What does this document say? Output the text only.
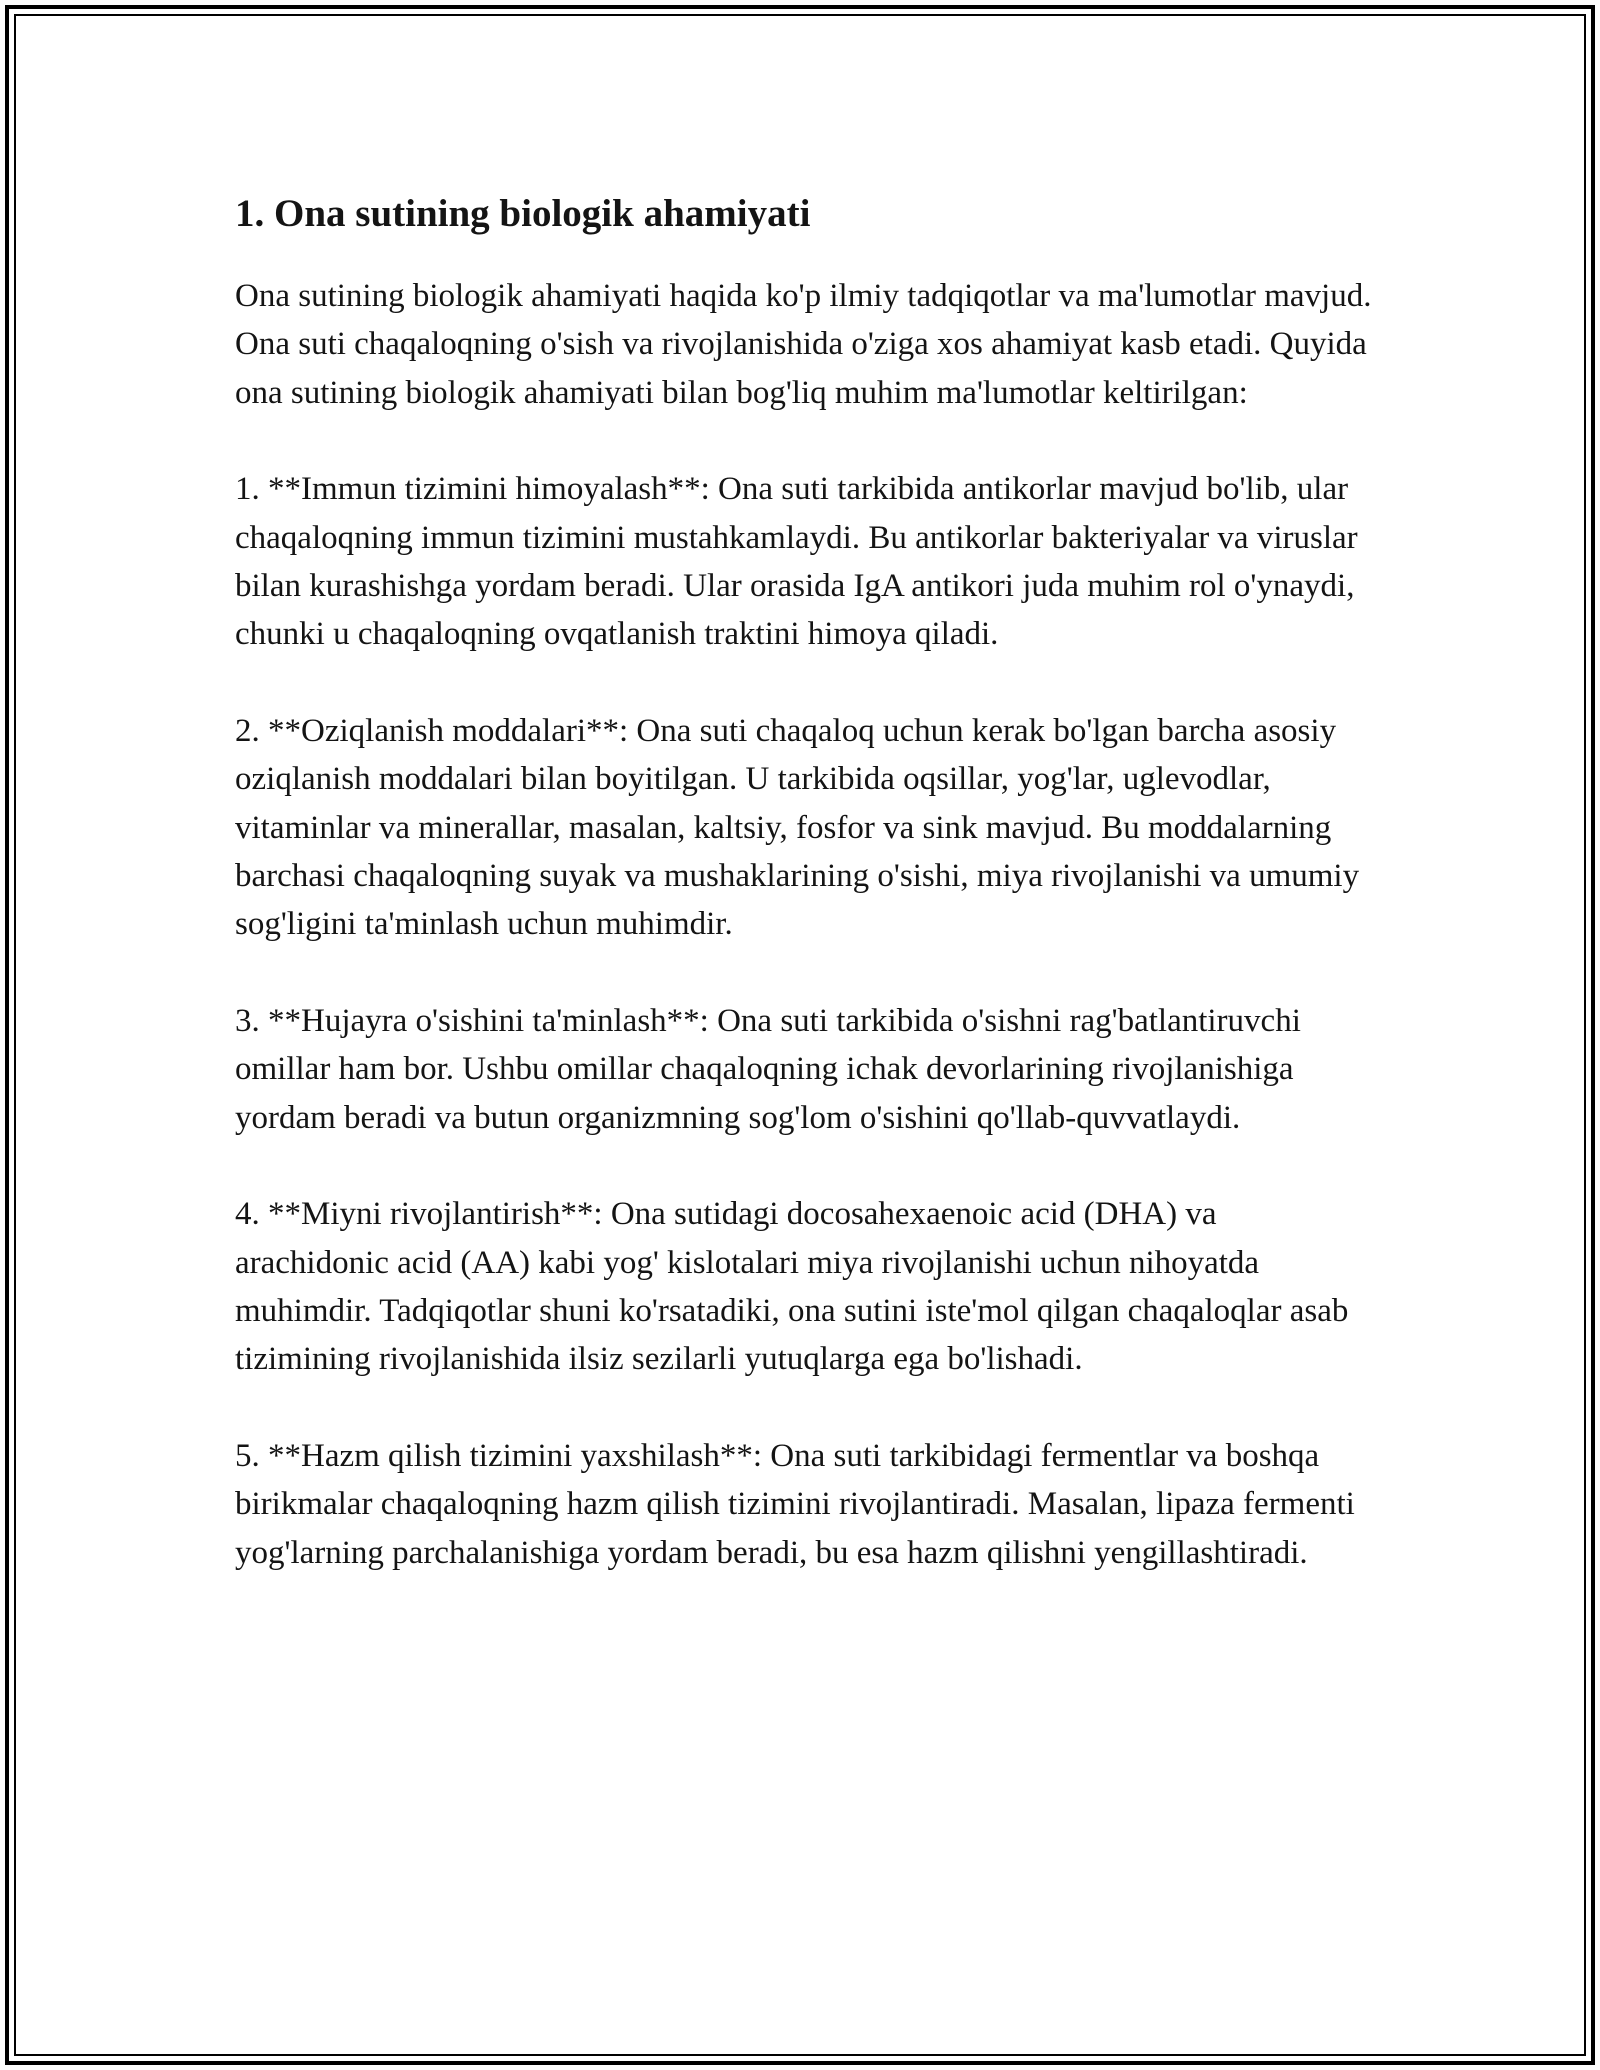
1. Ona sutining biologik ahamiyati

Ona sutining biologik ahamiyati haqida ko'p ilmiy tadqiqotlar va ma'lumotlar mavjud. Ona suti chaqaloqning o'sish va rivojlanishida o'ziga xos ahamiyat kasb etadi. Quyida ona sutining biologik ahamiyati bilan bog'liq muhim ma'lumotlar keltirilgan:

1. **Immun tizimini himoyalash**: Ona suti tarkibida antikorlar mavjud bo'lib, ular chaqaloqning immun tizimini mustahkamlaydi. Bu antikorlar bakteriyalar va viruslar bilan kurashishga yordam beradi. Ular orasida IgA antikori juda muhim rol o'ynaydi, chunki u chaqaloqning ovqatlanish traktini himoya qiladi.

2. **Oziqlanish moddalari**: Ona suti chaqaloq uchun kerak bo'lgan barcha asosiy oziqlanish moddalari bilan boyitilgan. U tarkibida oqsillar, yog'lar, uglevodlar, vitaminlar va minerallar, masalan, kaltsiy, fosfor va sink mavjud. Bu moddalarning barchasi chaqaloqning suyak va mushaklarining o'sishi, miya rivojlanishi va umumiy sog'ligini ta'minlash uchun muhimdir.

3. **Hujayra o'sishini ta'minlash**: Ona suti tarkibida o'sishni rag'batlantiruvchi omillar ham bor. Ushbu omillar chaqaloqning ichak devorlarining rivojlanishiga yordam beradi va butun organizmning sog'lom o'sishini qo'llab-quvvatlaydi.

4. **Miyni rivojlantirish**: Ona sutidagi docosahexaenoic acid (DHA) va arachidonic acid (AA) kabi yog' kislotalari miya rivojlanishi uchun nihoyatda muhimdir. Tadqiqotlar shuni ko'rsatadiki, ona sutini iste'mol qilgan chaqaloqlar asab tizimining rivojlanishida ilsiz sezilarli yutuqlarga ega bo'lishadi.

5. **Hazm qilish tizimini yaxshilash**: Ona suti tarkibidagi fermentlar va boshqa birikmalar chaqaloqning hazm qilish tizimini rivojlantiradi. Masalan, lipaza fermenti yog'larning parchalanishiga yordam beradi, bu esa hazm qilishni yengillashtiradi.
